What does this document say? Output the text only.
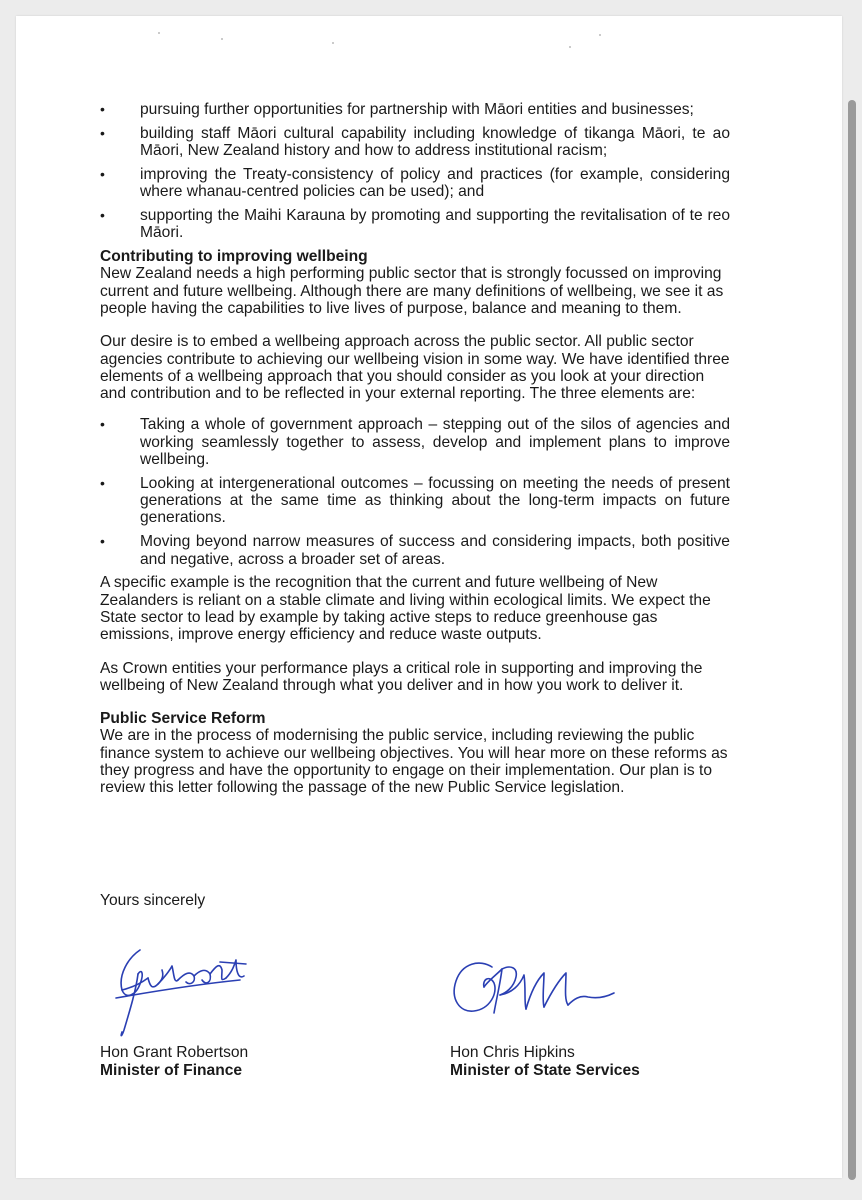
• pursuing further opportunities for partnership with Māori entities and businesses;
• building staff Māori cultural capability including knowledge of tikanga Māori, te ao Māori, New Zealand history and how to address institutional racism;
• improving the Treaty-consistency of policy and practices (for example, considering where whanau-centred policies can be used); and
• supporting the Maihi Karauna by promoting and supporting the revitalisation of te reo Māori.
Contributing to improving wellbeing

New Zealand needs a high performing public sector that is strongly focussed on improving current and future wellbeing. Although there are many definitions of wellbeing, we see it as people having the capabilities to live lives of purpose, balance and meaning to them.

Our desire is to embed a wellbeing approach across the public sector. All public sector agencies contribute to achieving our wellbeing vision in some way. We have identified three elements of a wellbeing approach that you should consider as you look at your direction and contribution and to be reflected in your external reporting. The three elements are:

• Taking a whole of government approach – stepping out of the silos of agencies and working seamlessly together to assess, develop and implement plans to improve wellbeing.
• Looking at intergenerational outcomes – focussing on meeting the needs of present generations at the same time as thinking about the long-term impacts on future generations.
• Moving beyond narrow measures of success and considering impacts, both positive and negative, across a broader set of areas.

A specific example is the recognition that the current and future wellbeing of New Zealanders is reliant on a stable climate and living within ecological limits. We expect the State sector to lead by example by taking active steps to reduce greenhouse gas emissions, improve energy efficiency and reduce waste outputs.

As Crown entities your performance plays a critical role in supporting and improving the wellbeing of New Zealand through what you deliver and in how you work to deliver it.

Public Service Reform

We are in the process of modernising the public service, including reviewing the public finance system to achieve our wellbeing objectives. You will hear more on these reforms as they progress and have the opportunity to engage on their implementation. Our plan is to review this letter following the passage of the new Public Service legislation.

Yours sincerely
Hon Grant Robertson
Minister of Finance
Hon Chris Hipkins
Minister of State Services
